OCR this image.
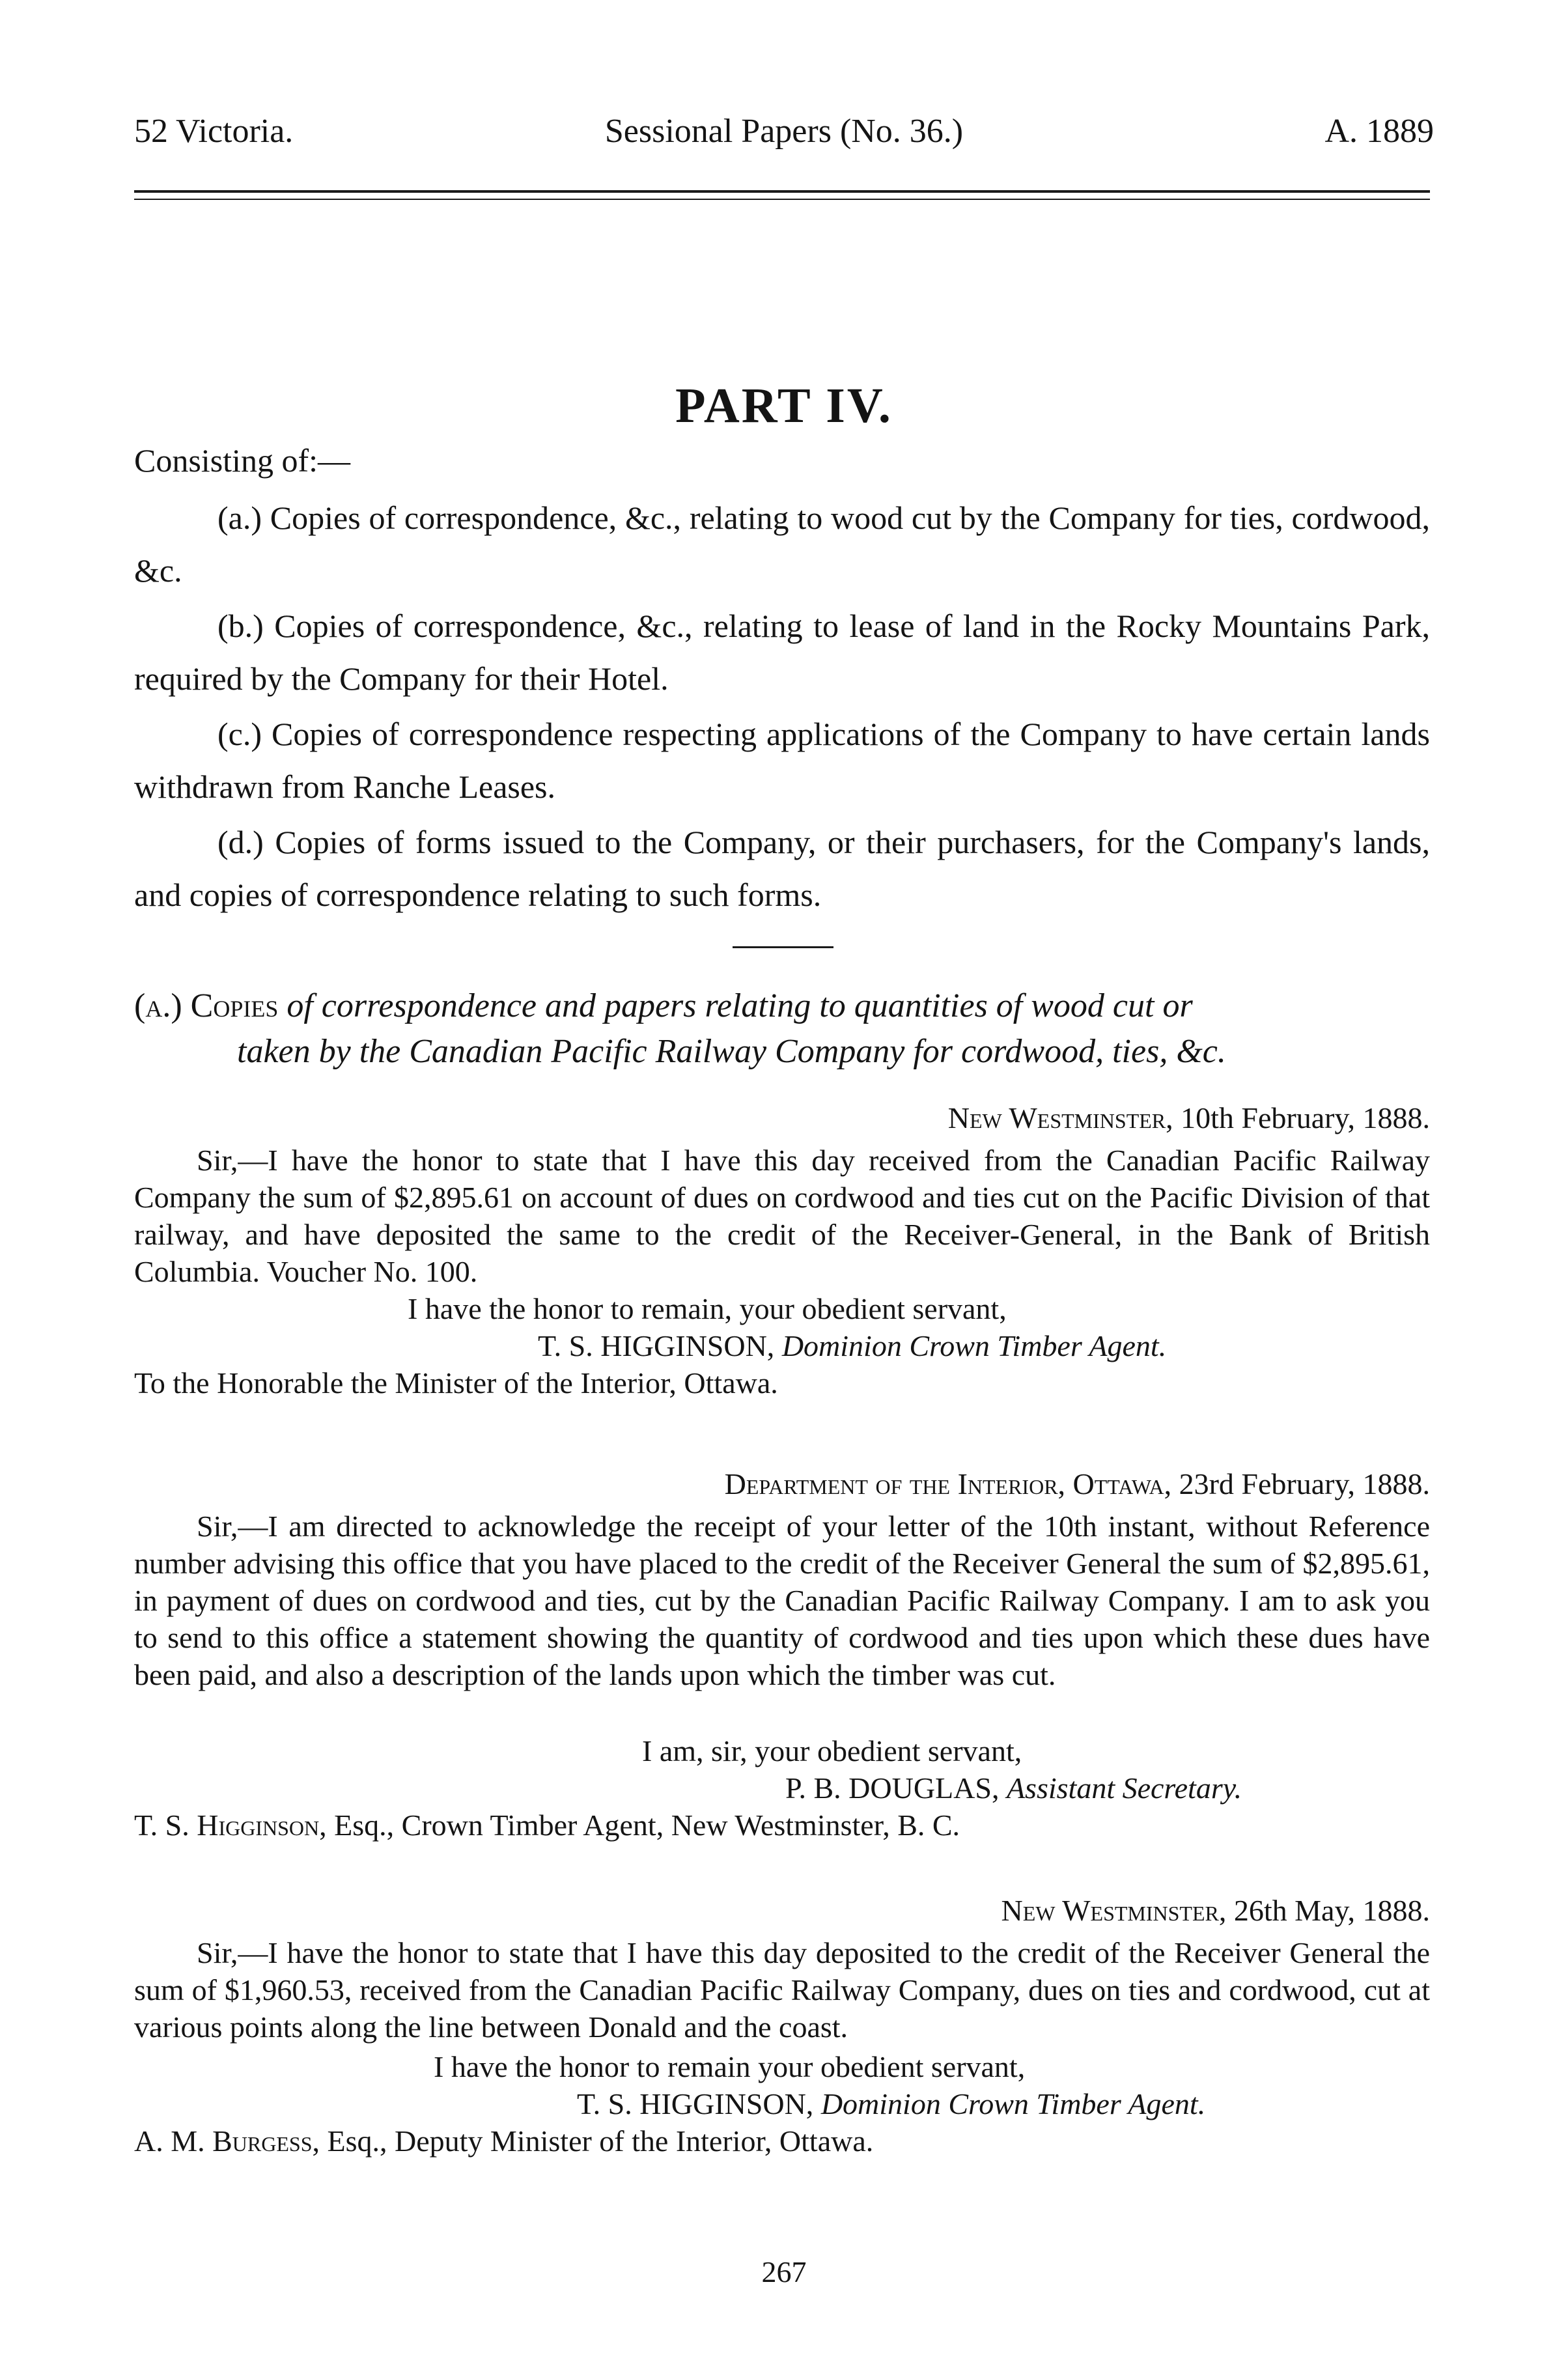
52 Victoria.	Sessional Papers (No. 36.)	A. 1889
PART IV.
Consisting of:—

(a.) Copies of correspondence, &c., relating to wood cut by the Company for ties, cordwood, &c.

(b.) Copies of correspondence, &c., relating to lease of land in the Rocky Mountains Park, required by the Company for their Hotel.

(c.) Copies of correspondence respecting applications of the Company to have certain lands withdrawn from Ranche Leases.

(d.) Copies of forms issued to the Company, or their purchasers, for the Company's lands, and copies of correspondence relating to such forms.

(a.) Copies of correspondence and papers relating to quantities of wood cut or
taken by the Canadian Pacific Railway Company for cordwood, ties, &c.

New Westminster, 10th February, 1888.

Sir,—I have the honor to state that I have this day received from the Canadian Pacific Railway Company the sum of $2,895.61 on account of dues on cordwood and ties cut on the Pacific Division of that railway, and have deposited the same to the credit of the Receiver-General, in the Bank of British Columbia. Voucher No. 100.

I have the honor to remain, your obedient servant,

T. S. HIGGINSON, Dominion Crown Timber Agent.

To the Honorable the Minister of the Interior, Ottawa.

Department of the Interior, Ottawa, 23rd February, 1888.

Sir,—I am directed to acknowledge the receipt of your letter of the 10th instant, without Reference number advising this office that you have placed to the credit of the Receiver General the sum of $2,895.61, in payment of dues on cordwood and ties, cut by the Canadian Pacific Railway Company. I am to ask you to send to this office a statement showing the quantity of cordwood and ties upon which these dues have been paid, and also a description of the lands upon which the timber was cut.

I am, sir, your obedient servant,

P. B. DOUGLAS, Assistant Secretary.

T. S. Higginson, Esq., Crown Timber Agent, New Westminster, B. C.

New Westminster, 26th May, 1888.

Sir,—I have the honor to state that I have this day deposited to the credit of the Receiver General the sum of $1,960.53, received from the Canadian Pacific Railway Company, dues on ties and cordwood, cut at various points along the line between Donald and the coast.

I have the honor to remain your obedient servant,

T. S. HIGGINSON, Dominion Crown Timber Agent.

A. M. Burgess, Esq., Deputy Minister of the Interior, Ottawa.

267
